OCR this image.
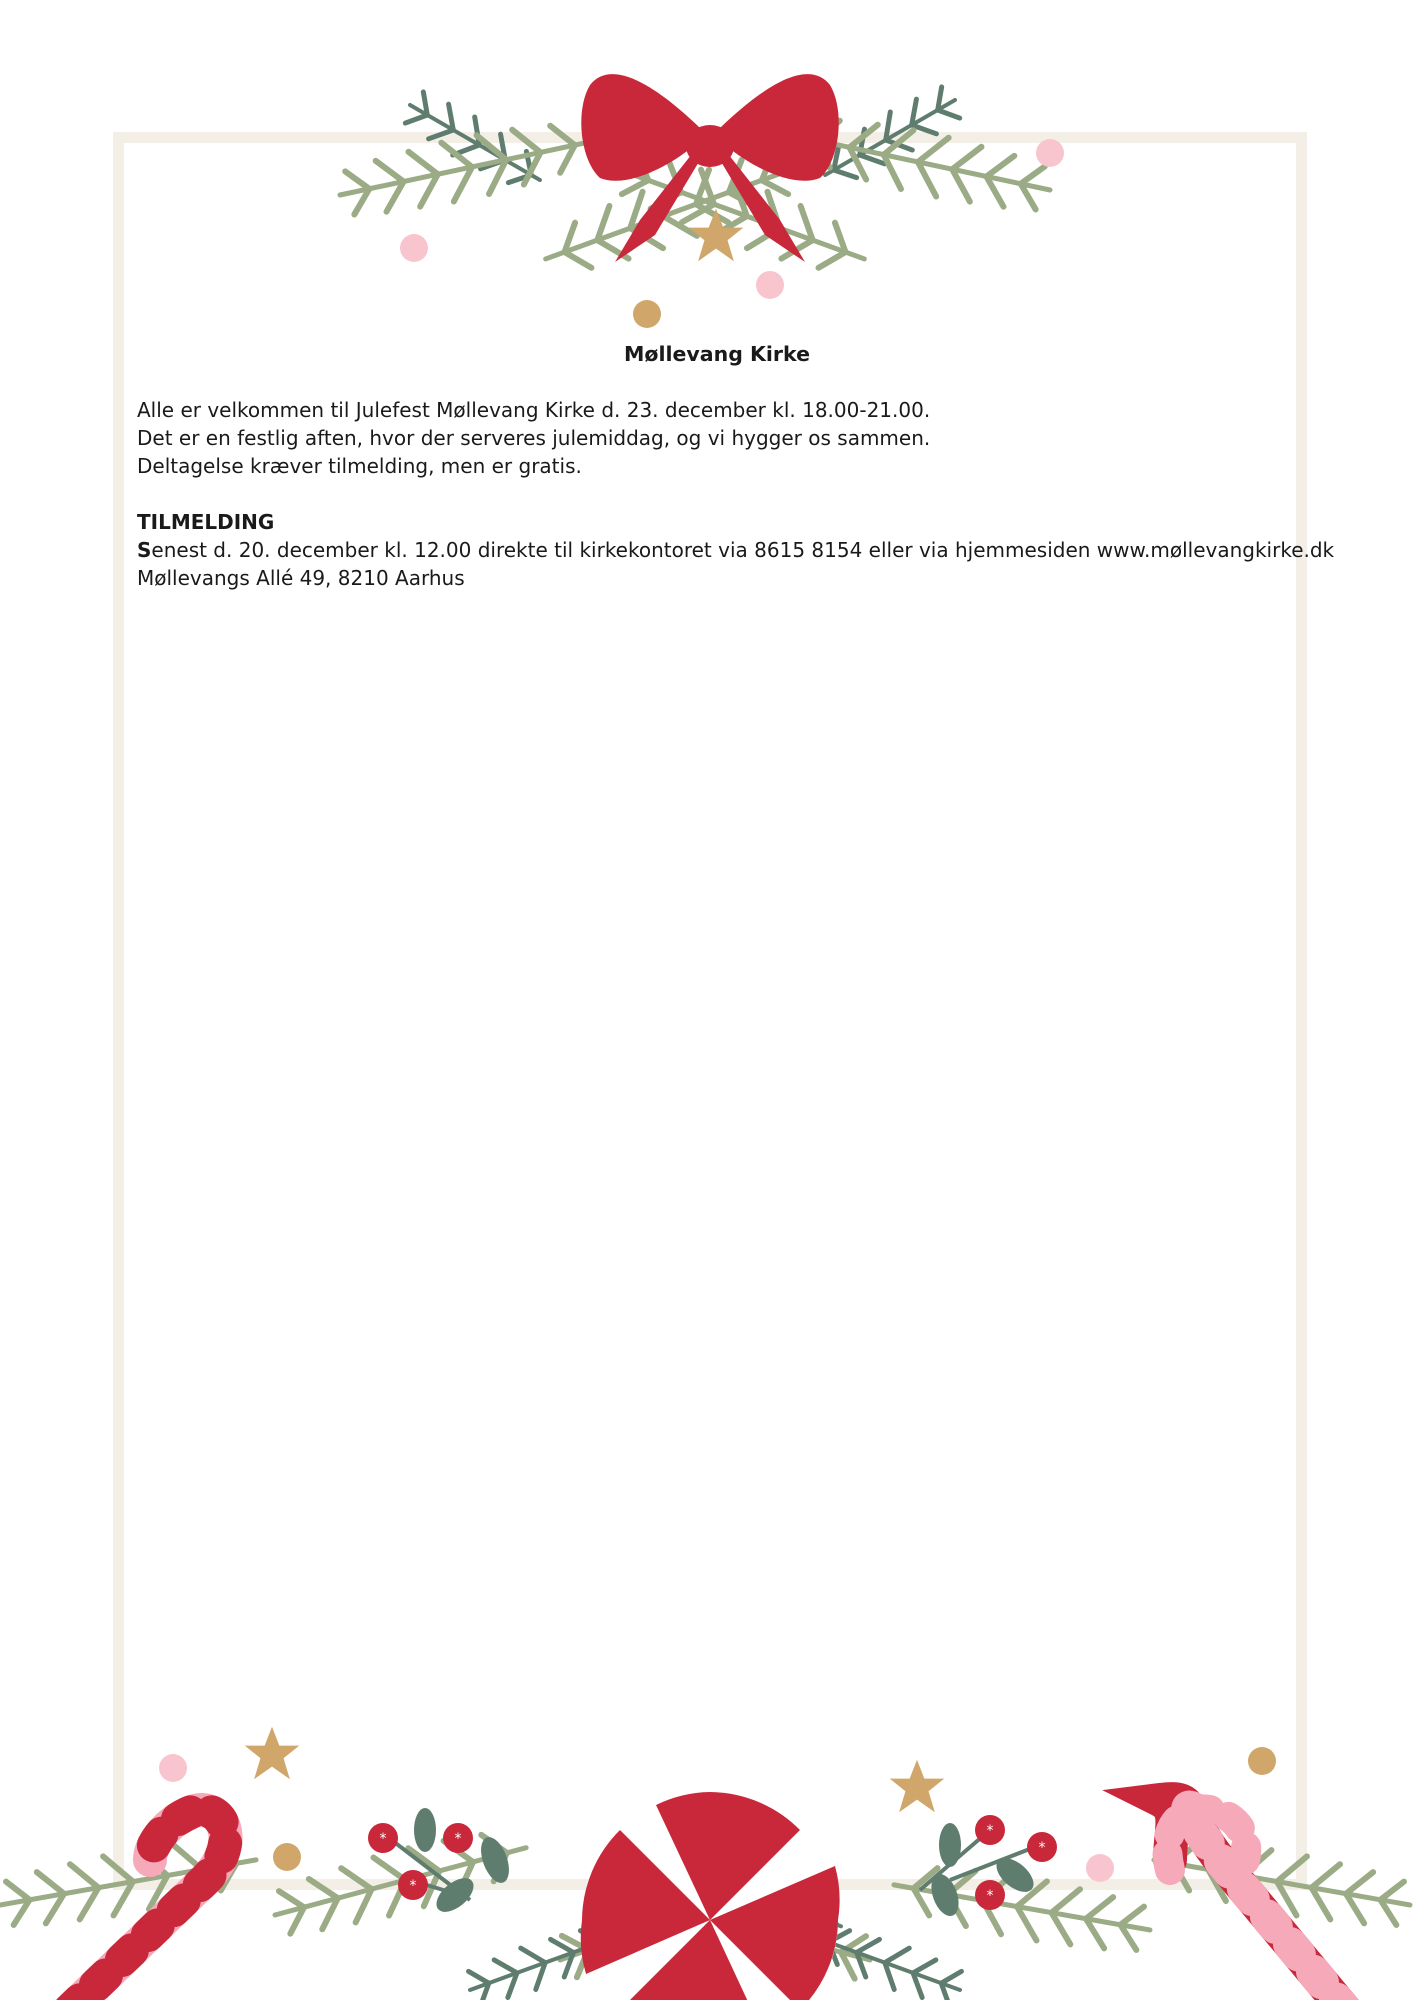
*	*
*
*
*
*
Møllevang Kirke
Alle er velkommen til Julefest Møllevang Kirke d. 23. december kl. 18.00-21.00.
Det er en festlig aften, hvor der serveres julemiddag, og vi hygger os sammen.
Deltagelse kræver tilmelding, men er gratis.
TILMELDING
Senest d. 20. december kl. 12.00 direkte til kirkekontoret via 8615 8154 eller via hjemmesiden www.møllevangkirke.dk
Møllevangs Allé 49, 8210 Aarhus
